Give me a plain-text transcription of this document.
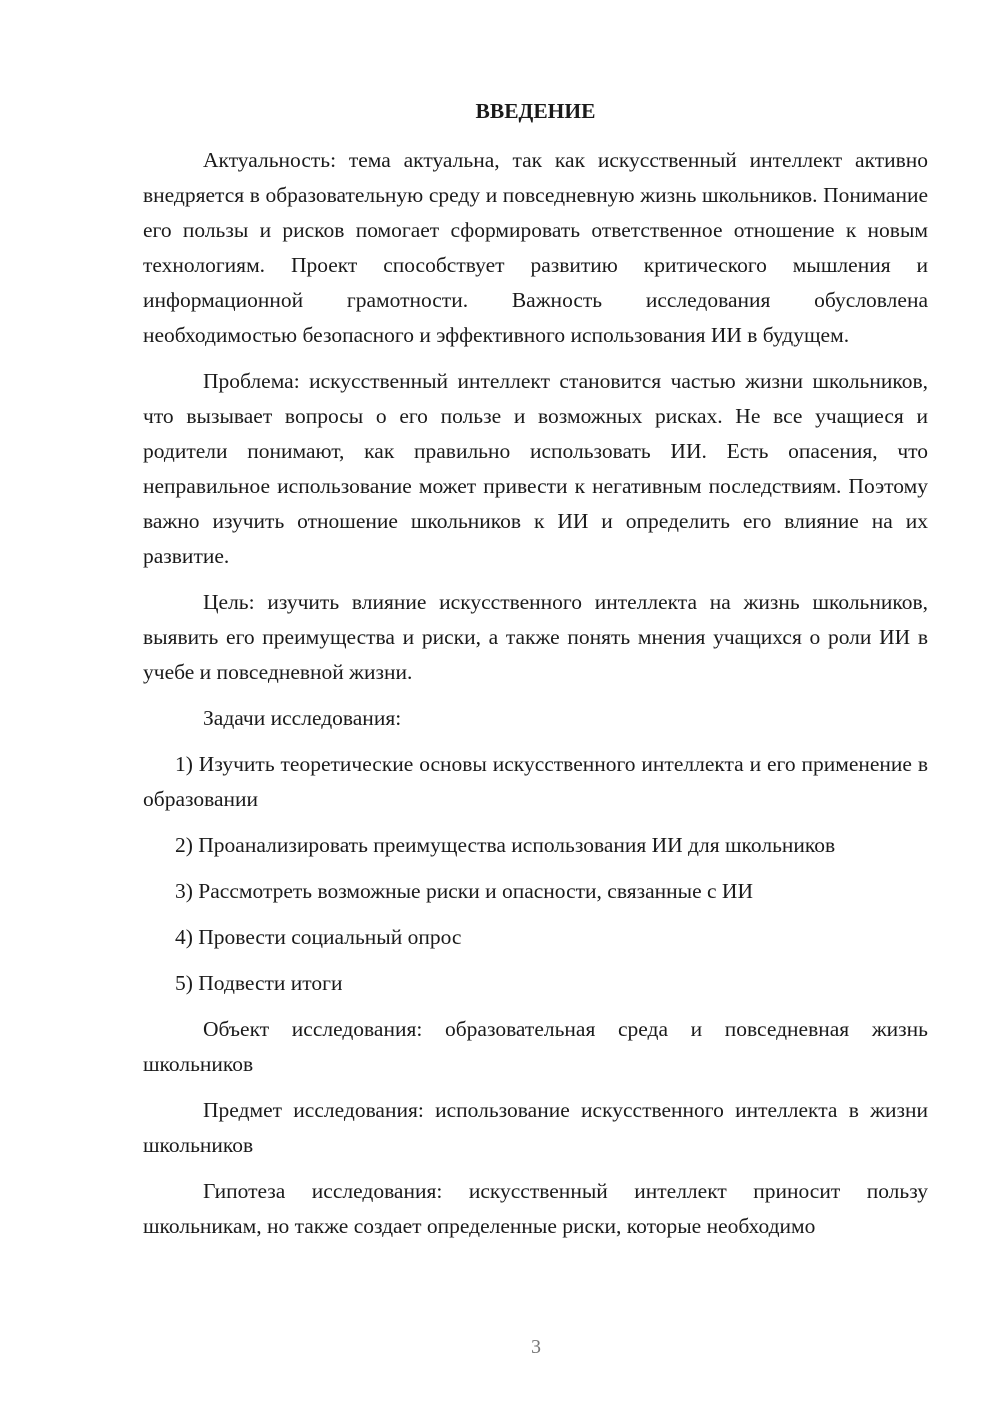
ВВЕДЕНИЕ

Актуальность: тема актуальна, так как искусственный интеллект активно внедряется в образовательную среду и повседневную жизнь школьников. Понимание его пользы и рисков помогает сформировать ответственное отношение к новым технологиям. Проект способствует развитию критического мышления и информационной грамотности. Важность исследования обусловлена необходимостью безопасного и эффективного использования ИИ в будущем.

Проблема: искусственный интеллект становится частью жизни школьников, что вызывает вопросы о его пользе и возможных рисках. Не все учащиеся и родители понимают, как правильно использовать ИИ. Есть опасения, что неправильное использование может привести к негативным последствиям. Поэтому важно изучить отношение школьников к ИИ и определить его влияние на их развитие.

Цель: изучить влияние искусственного интеллекта на жизнь школьников, выявить его преимущества и риски, а также понять мнения учащихся о роли ИИ в учебе и повседневной жизни.

Задачи исследования:

1) Изучить теоретические основы искусственного интеллекта и его применение в образовании

2) Проанализировать преимущества использования ИИ для школьников

3) Рассмотреть возможные риски и опасности, связанные с ИИ

4) Провести социальный опрос

5) Подвести итоги

Объект исследования: образовательная среда и повседневная жизнь школьников

Предмет исследования: использование искусственного интеллекта в жизни школьников

Гипотеза исследования: искусственный интеллект приносит пользу школьникам, но также создает определенные риски, которые необходимо

3
